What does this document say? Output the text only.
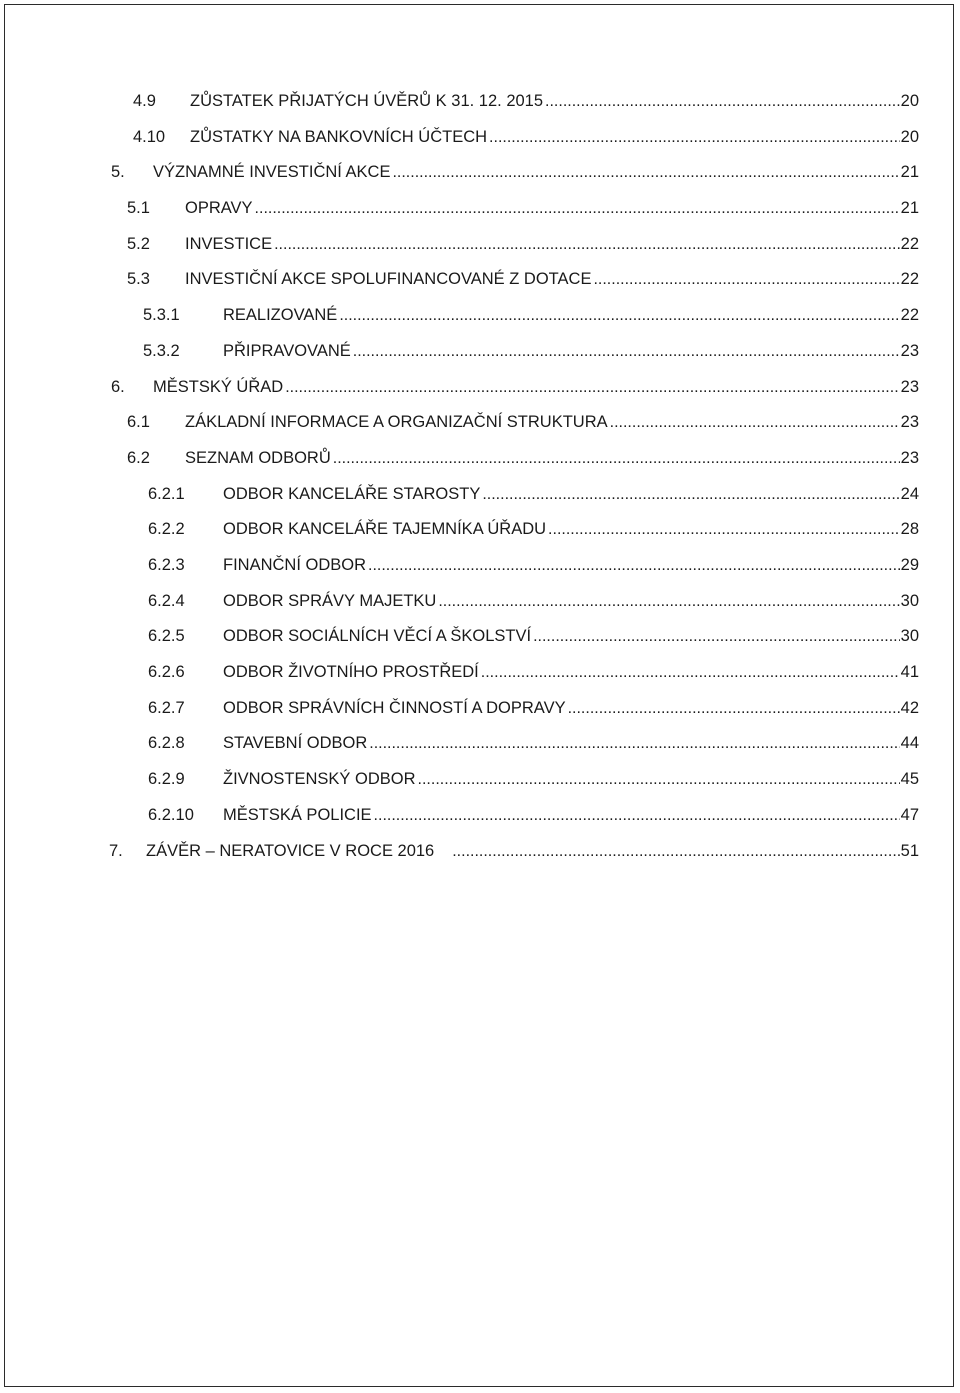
4.9	ZŮSTATEK PŘIJATÝCH ÚVĚRŮ K 31. 12. 2015 .....	20
4.10	ZŮSTATKY NA BANKOVNÍCH ÚČTECH .....	20
5.	VÝZNAMNÉ INVESTIČNÍ AKCE .....	21
5.1	OPRAVY .....	21
5.2	INVESTICE .....	22
5.3	INVESTIČNÍ AKCE SPOLUFINANCOVANÉ Z DOTACE .....	22
5.3.1	REALIZOVANÉ .....	22
5.3.2	PŘIPRAVOVANÉ .....	23
6.	MĚSTSKÝ ÚŘAD .....	23
6.1	ZÁKLADNÍ INFORMACE A ORGANIZAČNÍ STRUKTURA .....	23
6.2	SEZNAM ODBORŮ .....	23
6.2.1	ODBOR KANCELÁŘE STAROSTY .....	24
6.2.2	ODBOR KANCELÁŘE TAJEMNÍKA ÚŘADU .....	28
6.2.3	FINANČNÍ ODBOR .....	29
6.2.4	ODBOR SPRÁVY MAJETKU .....	30
6.2.5	ODBOR SOCIÁLNÍCH VĚCÍ A ŠKOLSTVÍ .....	30
6.2.6	ODBOR ŽIVOTNÍHO PROSTŘEDÍ .....	41
6.2.7	ODBOR SPRÁVNÍCH ČINNOSTÍ A DOPRAVY .....	42
6.2.8	STAVEBNÍ ODBOR .....	44
6.2.9	ŽIVNOSTENSKÝ ODBOR .....	45
6.2.10	MĚSTSKÁ POLICIE .....	47
7.	ZÁVĚR – NERATOVICE V ROCE 2016 .....	51
